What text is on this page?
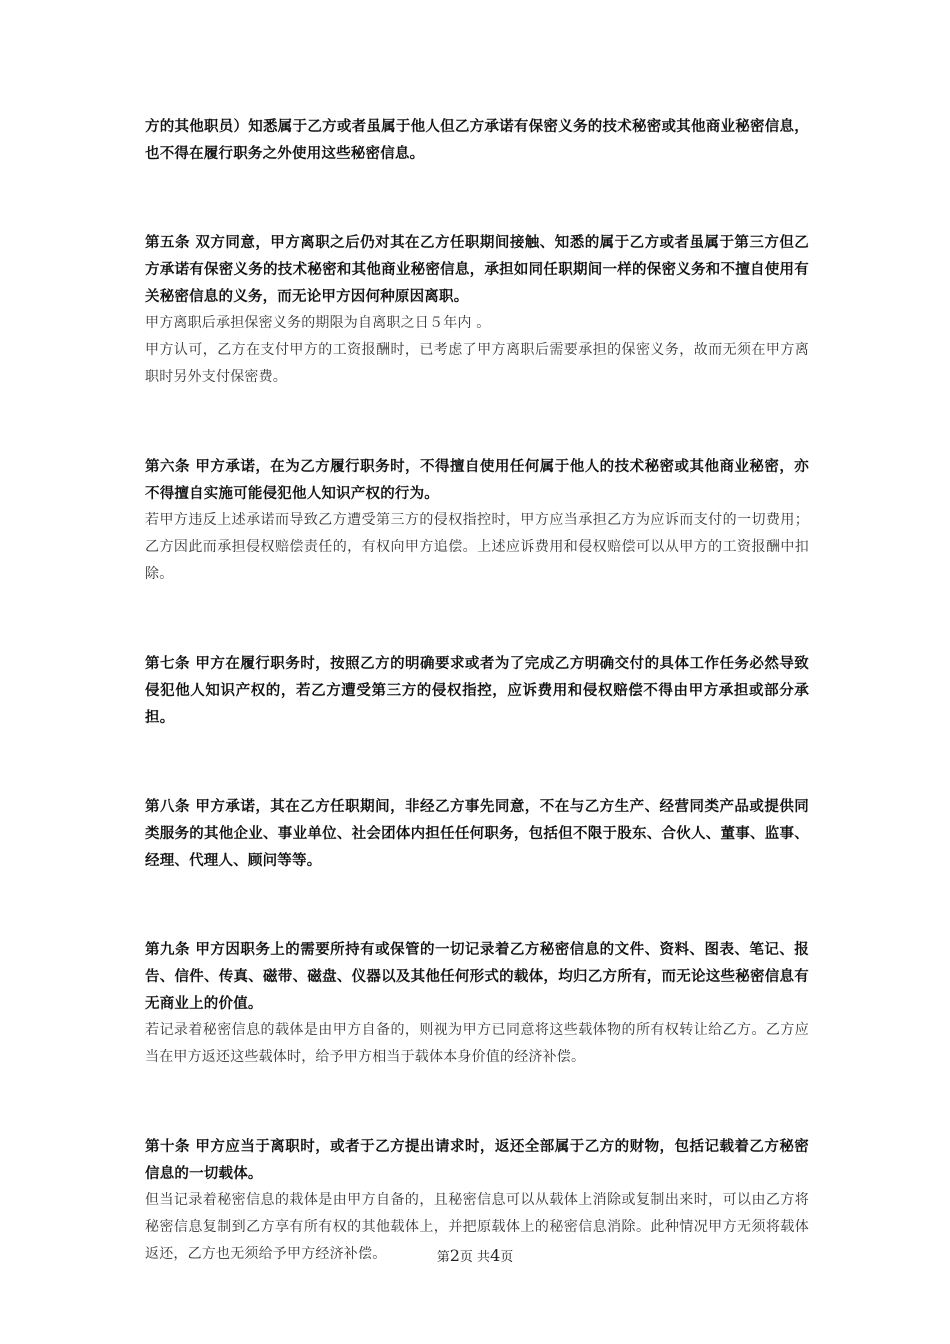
方的其他职员）知悉属于乙方或者虽属于他人但乙方承诺有保密义务的技术秘密或其他商业秘密信息，也不得在履行职务之外使用这些秘密信息。

第五条 双方同意，甲方离职之后仍对其在乙方任职期间接触、知悉的属于乙方或者虽属于第三方但乙方承诺有保密义务的技术秘密和其他商业秘密信息，承担如同任职期间一样的保密义务和不擅自使用有关秘密信息的义务，而无论甲方因何种原因离职。

甲方离职后承担保密义务的期限为自离职之日５年内 。

甲方认可，乙方在支付甲方的工资报酬时，已考虑了甲方离职后需要承担的保密义务，故而无须在甲方离职时另外支付保密费。

第六条 甲方承诺，在为乙方履行职务时，不得擅自使用任何属于他人的技术秘密或其他商业秘密，亦不得擅自实施可能侵犯他人知识产权的行为。

若甲方违反上述承诺而导致乙方遭受第三方的侵权指控时，甲方应当承担乙方为应诉而支付的一切费用；乙方因此而承担侵权赔偿责任的，有权向甲方追偿。上述应诉费用和侵权赔偿可以从甲方的工资报酬中扣除。

第七条 甲方在履行职务时，按照乙方的明确要求或者为了完成乙方明确交付的具体工作任务必然导致侵犯他人知识产权的，若乙方遭受第三方的侵权指控，应诉费用和侵权赔偿不得由甲方承担或部分承担。

第八条 甲方承诺，其在乙方任职期间，非经乙方事先同意，不在与乙方生产、经营同类产品或提供同类服务的其他企业、事业单位、社会团体内担任任何职务，包括但不限于股东、合伙人、董事、监事、经理、代理人、顾问等等。

第九条 甲方因职务上的需要所持有或保管的一切记录着乙方秘密信息的文件、资料、图表、笔记、报告、信件、传真、磁带、磁盘、仪器以及其他任何形式的载体，均归乙方所有，而无论这些秘密信息有无商业上的价值。

若记录着秘密信息的载体是由甲方自备的，则视为甲方已同意将这些载体物的所有权转让给乙方。乙方应当在甲方返还这些载体时，给予甲方相当于载体本身价值的经济补偿。

第十条 甲方应当于离职时，或者于乙方提出请求时，返还全部属于乙方的财物，包括记载着乙方秘密信息的一切载体。

但当记录着秘密信息的栽体是由甲方自备的，且秘密信息可以从载体上消除或复制出来时，可以由乙方将秘密信息复制到乙方享有所有权的其他载体上，并把原载体上的秘密信息消除。此种情况甲方无须将载体返还，乙方也无须给予甲方经济补偿。	第2页 共4页
